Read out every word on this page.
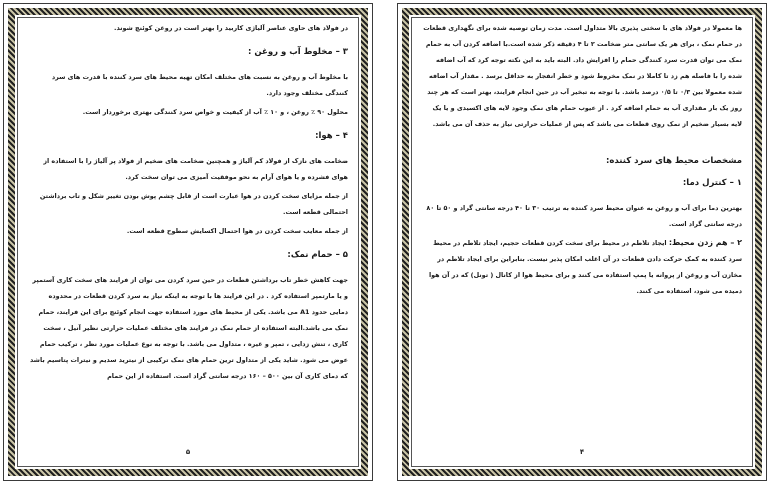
در فولاد های حاوی عناصر آلیاژی کاربید را بهتر است در روغن کوئنچ شوند.

۳ – مخلوط آب و روغن :

با مخلوط آب و روغن به نسبت های مختلف امکان تهیه محیط های سرد کننده با قدرت های سرد کنندگی مختلف وجود دارد.

محلول ۹۰ ٪ روغن ، و ۱۰ ٪ آب از کیفیت و خواص سرد کنندگی بهتری برخوردار است.

۴ – هوا:

ضخامت های نازک از فولاد کم آلیاژ و همچنین ضخامت های ضخیم از فولاد پر آلیاژ را با استفاده از هوای فشرده و یا هوای آرام به نحو موفقیت آمیزی می توان سخت کرد.

از جمله مزایای سخت کردن در هوا عبارت است از قابل چشم پوش بودن تغییر شکل و تاب برداشتن احتمالی قطعه است.

از جمله معایب سخت کردن در هوا احتمال اکسایش سطوح قطعه است.

۵ – حمام نمک:

جهت کاهش خطر تاب برداشتن قطعات در حین سرد کردن می توان از فرایند های سخت کاری آستمپر و یا مارتمپر استفاده کرد . در این فرایند ها با توجه به اینکه نیاز به سرد کردن قطعات در محدوده دمایی حدود A1 می باشد. یکی از محیط های مورد استفاده جهت انجام کوئنچ برای این فرایند، حمام نمک می باشد.البته استفاده از حمام نمک در فرایند های مختلف عملیات حرارتی نظیر آنیل ، سخت کاری ، تنش زدایی ، تمپر و غیره ، متداول می باشد. با توجه به نوع عملیات مورد نظر ، ترکیب حمام عوض می شود. شاید یکی از متداول ترین حمام های نمک ترکیبی از نیترید سدیم و نیترات پتاسیم باشد که دمای کاری آن بین ۵۰۰ – ۱۶۰ درجه سانتی گراد است. استفاده از این حمام

۵

ها معمولا در فولاد های با سختی پذیری بالا متداول است. مدت زمان توصیه شده برای نگهداری قطعات در حمام نمک ، برای هر یک سانتی متر ضخامت ۲ تا ۴ دقیقه ذکر شده است.با اضافه کردن آب به حمام نمک می توان قدرت سرد کنندگی حمام را افزایش داد. البته باید به این نکته توجه کرد که آب اضافه شده را با فاصله هم زد تا کاملا در نمک مخروط شود و خطر انفجار به حداقل برسد . مقدار آب اضافه شده معمولا بین ۰/۳ تا ۰/۵ درصد باشد. با توجه به تبخیر آب در حین انجام فرایند، بهتر است که هر چند روز یک بار مقداری آب به حمام اضافه کرد . از عیوب حمام های نمک وجود لایه های اکسیدی و یا یک لایه بسیار ضخیم از نمک روی قطعات می باشد که پس از عملیات حرارتی نیاز به حذف آن می باشد.

مشخصات محیط های سرد کننده:
۱ – کنترل دما:

بهترین دما برای آب و روغن به عنوان محیط سرد کننده به ترتیب ۳۰ تا ۴۰ درجه سانتی گراد و ۵۰ تا ۸۰ درجه سانتی گراد است.

۲ – هم زدن محیط: ایجاد تلاطم در محیط برای سخت کردن قطعات حجیم، ایجاد تلاطم در محیط سرد کننده به کمک حرکت دادن قطعات در آن اغلب امکان پذیر نیست. بنابراین برای ایجاد تلاطم در مخازن آب و روغن از پروانه یا پمپ استفاده می کنند و برای محیط هوا از کانال ( تونل) که در آن هوا دمیده می شود، استفاده می کنند.

۴
